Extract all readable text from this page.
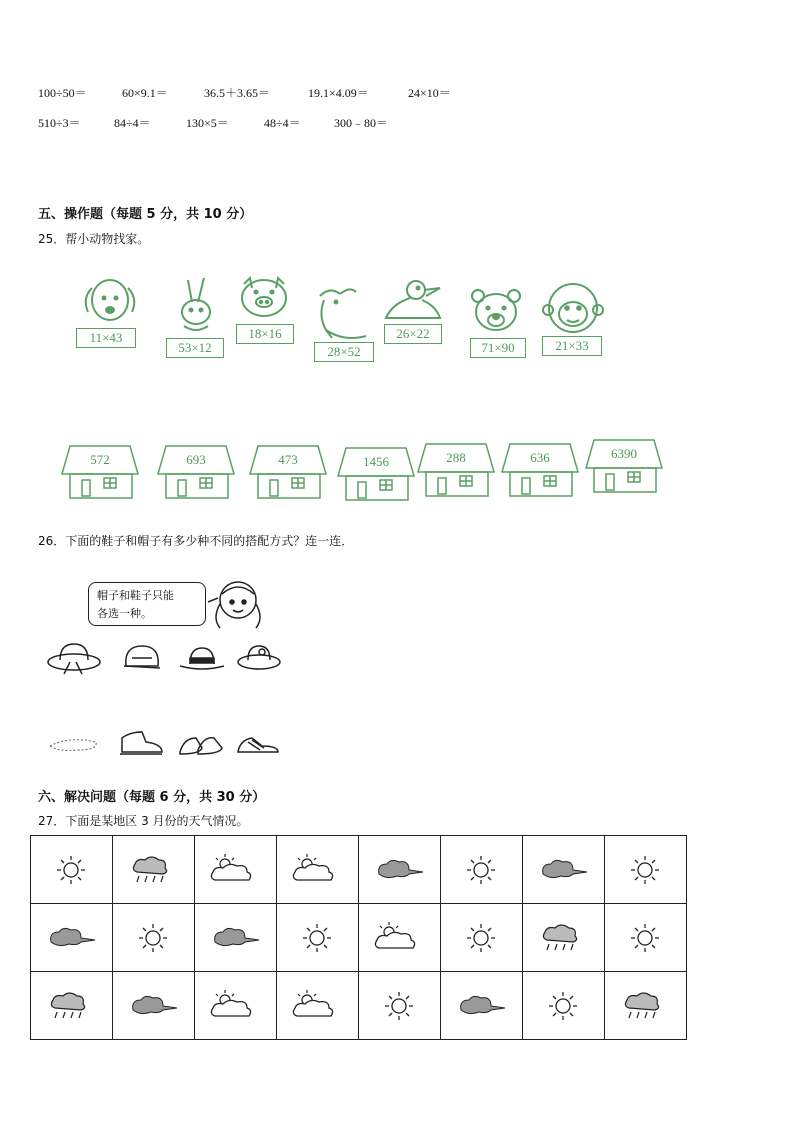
100÷50＝	60×9.1＝	36.5＋3.65＝	19.1×4.09＝	24×10＝
510÷3＝	84÷4＝	130×5＝	48÷4＝	300﹣80＝
五、操作题（每题 5 分，共 10 分）
25．帮小动物找家。
11×43
53×12
18×16
28×52
26×22
71×90	21×33
572	693	473	1456	288	636	6390
26．下面的鞋子和帽子有多少种不同的搭配方式？连一连．
帽子和鞋子只能
各选一种。
六、解决问题（每题 6 分，共 30 分）
27．下面是某地区 3 月份的天气情况。
